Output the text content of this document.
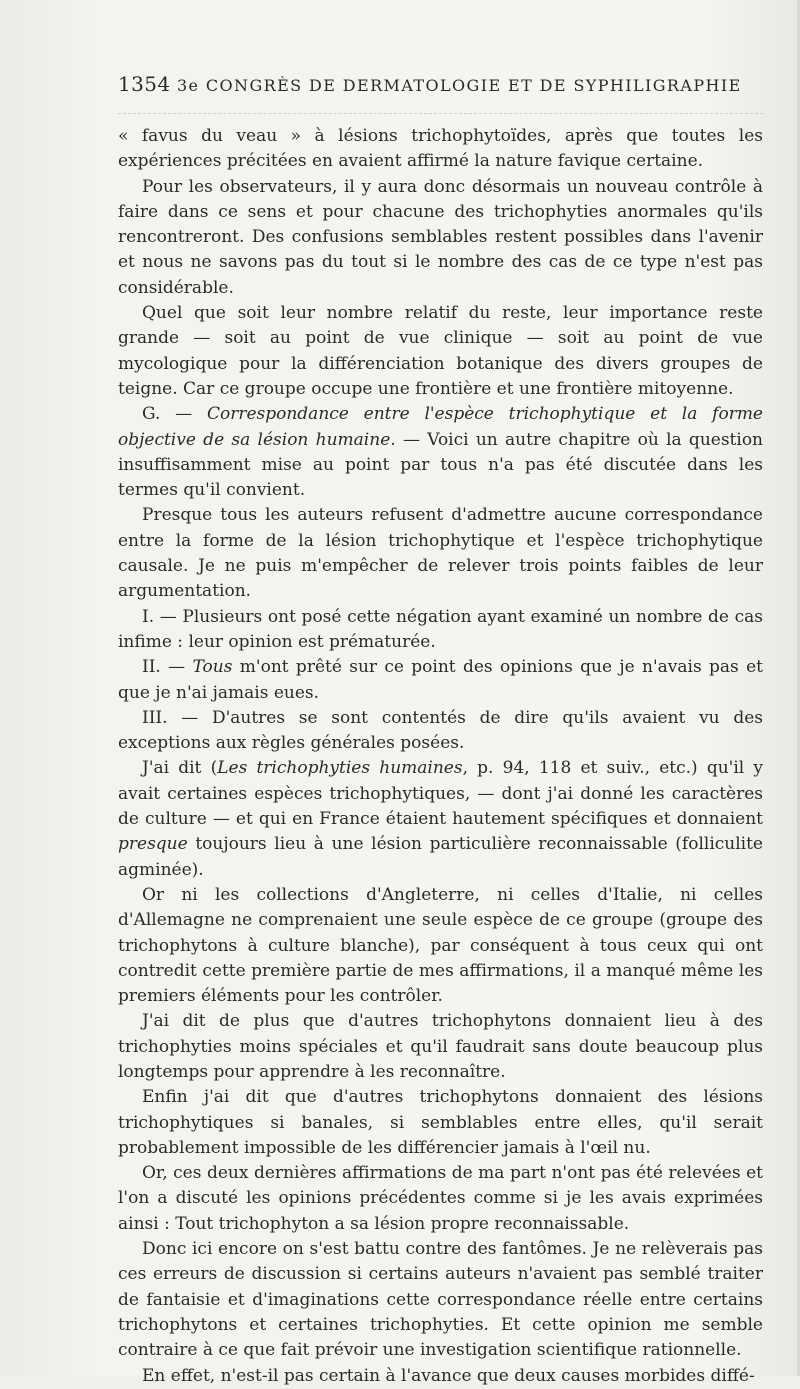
1354 3e CONGRÈS DE DERMATOLOGIE ET DE SYPHILIGRAPHIE

« favus du veau » à lésions trichophytoïdes, après que toutes les expériences précitées en avaient affirmé la nature favique certaine.

Pour les observateurs, il y aura donc désormais un nouveau contrôle à faire dans ce sens et pour chacune des trichophyties anormales qu'ils rencontreront. Des confusions semblables restent possibles dans l'avenir et nous ne savons pas du tout si le nombre des cas de ce type n'est pas considérable.

Quel que soit leur nombre relatif du reste, leur importance reste grande — soit au point de vue clinique — soit au point de vue mycologique pour la différenciation botanique des divers groupes de teigne. Car ce groupe occupe une frontière et une frontière mitoyenne.

G. — Correspondance entre l'espèce trichophytique et la forme objective de sa lésion humaine. — Voici un autre chapitre où la question insuffisamment mise au point par tous n'a pas été discutée dans les termes qu'il convient.

Presque tous les auteurs refusent d'admettre aucune correspondance entre la forme de la lésion trichophytique et l'espèce trichophytique causale. Je ne puis m'empêcher de relever trois points faibles de leur argumentation.

I. — Plusieurs ont posé cette négation ayant examiné un nombre de cas infime : leur opinion est prématurée.

II. — Tous m'ont prêté sur ce point des opinions que je n'avais pas et que je n'ai jamais eues.

III. — D'autres se sont contentés de dire qu'ils avaient vu des exceptions aux règles générales posées.

J'ai dit (Les trichophyties humaines, p. 94, 118 et suiv., etc.) qu'il y avait certaines espèces trichophytiques, — dont j'ai donné les caractères de culture — et qui en France étaient hautement spécifiques et donnaient presque toujours lieu à une lésion particulière reconnaissable (folliculite agminée).

Or ni les collections d'Angleterre, ni celles d'Italie, ni celles d'Allemagne ne comprenaient une seule espèce de ce groupe (groupe des trichophytons à culture blanche), par conséquent à tous ceux qui ont contredit cette première partie de mes affirmations, il a manqué même les premiers éléments pour les contrôler.

J'ai dit de plus que d'autres trichophytons donnaient lieu à des trichophyties moins spéciales et qu'il faudrait sans doute beaucoup plus longtemps pour apprendre à les reconnaître.

Enfin j'ai dit que d'autres trichophytons donnaient des lésions trichophytiques si banales, si semblables entre elles, qu'il serait probablement impossible de les différencier jamais à l'œil nu.

Or, ces deux dernières affirmations de ma part n'ont pas été relevées et l'on a discuté les opinions précédentes comme si je les avais exprimées ainsi : Tout trichophyton a sa lésion propre reconnaissable.

Donc ici encore on s'est battu contre des fantômes. Je ne relèverais pas ces erreurs de discussion si certains auteurs n'avaient pas semblé traiter de fantaisie et d'imaginations cette correspondance réelle entre certains trichophytons et certaines trichophyties. Et cette opinion me semble contraire à ce que fait prévoir une investigation scientifique rationnelle.

En effet, n'est-il pas certain à l'avance que deux causes morbides diffé-
